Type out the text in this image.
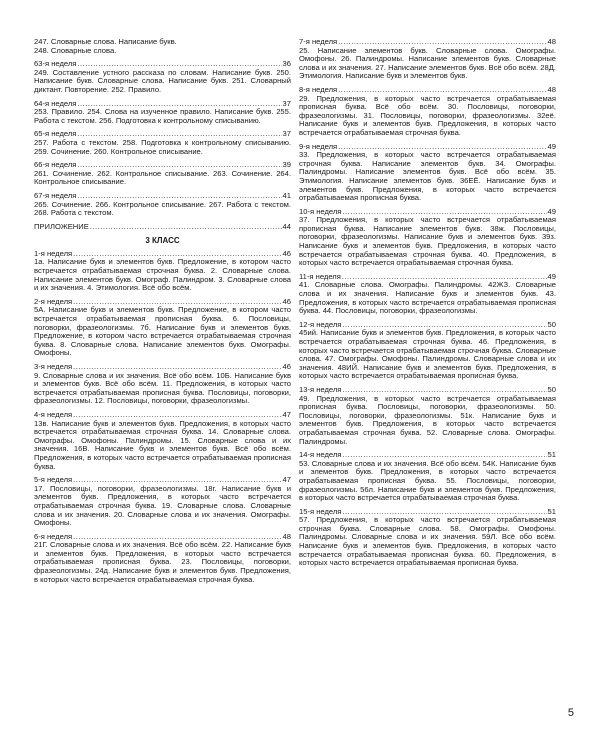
247. Словарные слова. Написание букв.
248. Словарные слова.
63-я неделя .....	36
249. Составление устного рассказа по словам. Написание букв. 250. Написание букв. Словарные слова. Написание букв. 251. Словарный диктант. Повторение. 252. Правило.
64-я неделя .....	37
253. Правило. 254. Слова на изученное правило. Написание букв. 255. Работа с текстом. 256. Подготовка к контрольному списыванию.
65-я неделя .....	37
257. Работа с текстом. 258. Подготовка к контрольному списыванию. 259. Сочинение. 260. Контрольное списывание.
66-я неделя .....	39
261. Сочинение. 262. Контрольное списывание. 263. Сочинение. 264. Контрольное списывание.
67-я неделя .....	41
265. Сочинение. 266. Контрольное списывание. 267. Работа с текстом. 268. Работа с текстом.
ПРИЛОЖЕНИЕ .....	44
3 КЛАСС
1-я неделя .....	46
1а. Написание букв и элементов букв. Предложение, в котором часто встречается отрабатываемая строчная буква. 2. Словарные слова. Написание элементов букв. Омограф. Палиндром. 3. Словарные слова и их значения. 4. Этимология. Всё обо всём.
2-я неделя .....	46
5А. Написание букв и элементов букв. Предложение, в котором часто встречается отрабатываемая прописная буква. 6. Пословицы, поговорки, фразеологизмы. 7б. Написание букв и элементов букв. Предложение, в котором часто встречается отрабатываемая строчная буква. 8. Словарные слова. Написание элементов букв. Омографы. Омофоны.
3-я неделя .....	46
9. Словарные слова и их значения. Всё обо всём. 10Б. Написание букв и элементов букв. Всё обо всём. 11. Предложения, в которых часто встречается отрабатываемая прописная буква. Пословицы, поговорки, фразеологизмы. 12. Пословицы, поговорки, фразеологизмы.
4-я неделя .....	47
13в. Написание букв и элементов букв. Предложения, в которых часто встречается отрабатываемая строчная буква. 14. Словарные слова. Омографы. Омофоны. Палиндромы. 15. Словарные слова и их значения. 16В. Написание букв и элементов букв. Всё обо всём. Предложения, в которых часто встречается отрабатываемая прописная буква.
5-я неделя .....	47
17. Пословицы, поговорки, фразеологизмы. 18г. Написание букв и элементов букв. Предложения, в которых часто встречается отрабатываемая строчная буква. 19. Словарные слова. Словарные слова и их значения. 20. Словарные слова и их значения. Омографы. Омофоны.
6-я неделя .....	48
21Г. Словарные слова и их значения. Всё обо всём. 22. Написание букв и элементов букв. Предложения, в которых часто встречается отрабатываемая прописная буква. 23. Пословицы, поговорки, фразеологизмы. 24д. Написание букв и элементов букв. Предложения, в которых часто встречается отрабатываемая строчная буква.
7-я неделя .....	48
25. Написание элементов букв. Словарные слова. Омографы. Омофоны. 26. Палиндромы. Написание элементов букв. Словарные слова и их значения. 27. Написание элементов букв. Всё обо всём. 28Д. Этимология. Написание букв и элементов букв.
8-я неделя .....	48
29. Предложения, в которых часто встречается отрабатываемая прописная буква. Всё обо всём. 30. Пословицы, поговорки, фразеологизмы. 31. Пословицы, поговорки, фразеологизмы. 32её. Написание букв и элементов букв. Предложения, в которых часто встречается отрабатываемая строчная буква.
9-я неделя .....	49
33. Предложения, в которых часто встречается отрабатываемая строчная буква. Написание элементов букв. 34. Омографы. Палиндромы. Написание элементов букв. Всё обо всём. 35. Этимология. Написание элементов букв. 36ЕЁ. Написание букв и элементов букв. Предложения, в которых часто встречается отрабатываемая прописная буква.
10-я неделя .....	49
37. Предложения, в которых часто встречается отрабатываемая прописная буква. Написание элементов букв. 38ж. Пословицы, поговорки, фразеологизмы. Написание букв и элементов букв. 39з. Написание букв и элементов букв. Предложения, в которых часто встречается отрабатываемая строчная буква. 40. Предложения, в которых часто встречается отрабатываемая строчная буква.
11-я неделя .....	49
41. Словарные слова. Омографы. Палиндромы. 42ЖЗ. Словарные слова и их значения. Написание букв и элементов букв. 43. Предложения, в которых часто встречается отрабатываемая прописная буква. 44. Пословицы, поговорки, фразеологизмы.
12-я неделя .....	50
45ий. Написание букв и элементов букв. Предложения, в которых часто встречается отрабатываемая строчная буква. 46. Предложения, в которых часто встречается отрабатываемая строчная буква. Словарные слова. 47. Омографы. Омофоны. Палиндромы. Словарные слова и их значения. 48ИЙ. Написание букв и элементов букв. Предложения, в которых часто встречается отрабатываемая прописная буква.
13-я неделя .....	50
49. Предложения, в которых часто встречается отрабатываемая прописная буква. Пословицы, поговорки, фразеологизмы. 50. Пословицы, поговорки, фразеологизмы. 51к. Написание букв и элементов букв. Предложения, в которых часто встречается отрабатываемая строчная буква. 52. Словарные слова. Омографы. Палиндромы.
14-я неделя .....	51
53. Словарные слова и их значения. Всё обо всём. 54К. Написание букв и элементов букв. Предложения, в которых часто встречается отрабатываемая прописная буква. 55. Пословицы, поговорки, фразеологизмы. 56л. Написание букв и элементов букв. Предложения, в которых часто встречается отрабатываемая строчная буква.
15-я неделя .....	51
57. Предложения, в которых часто встречается отрабатываемая строчная буква. Словарные слова. 58. Омографы. Омофоны. Палиндромы. Словарные слова и их значения. 59Л. Всё обо всём. Написание букв и элементов букв. Предложения, в которых часто встречается отрабатываемая прописная буква. 60. Предложения, в которых часто встречается отрабатываемая прописная буква.
5
